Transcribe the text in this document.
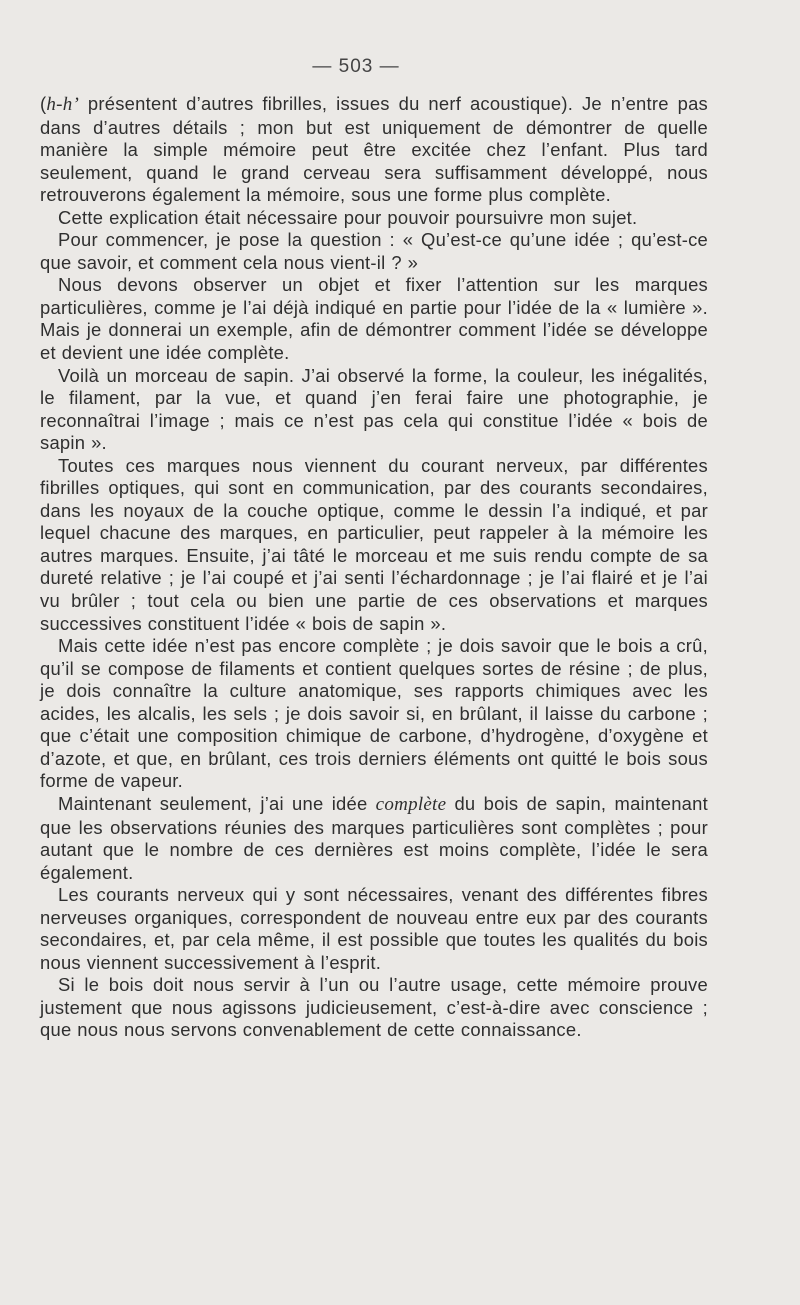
— 503 —

(h-h’ présentent d’autres fibrilles, issues du nerf acoustique). Je n’entre pas dans d’autres détails ; mon but est uniquement de démontrer de quelle manière la simple mémoire peut être excitée chez l’enfant. Plus tard seulement, quand le grand cerveau sera suffisamment développé, nous retrouverons également la mémoire, sous une forme plus complète.

Cette explication était nécessaire pour pouvoir poursuivre mon sujet.

Pour commencer, je pose la question : « Qu’est-ce qu’une idée ; qu’est-ce que savoir, et comment cela nous vient-il ? »

Nous devons observer un objet et fixer l’attention sur les marques particulières, comme je l’ai déjà indiqué en partie pour l’idée de la « lumière ». Mais je donnerai un exemple, afin de démontrer comment l’idée se développe et devient une idée complète.

Voilà un morceau de sapin. J’ai observé la forme, la couleur, les inégalités, le filament, par la vue, et quand j’en ferai faire une photographie, je reconnaîtrai l’image ; mais ce n’est pas cela qui constitue l’idée « bois de sapin ».

Toutes ces marques nous viennent du courant nerveux, par différentes fibrilles optiques, qui sont en communication, par des courants secondaires, dans les noyaux de la couche optique, comme le dessin l’a indiqué, et par lequel chacune des marques, en particulier, peut rappeler à la mémoire les autres marques. Ensuite, j’ai tâté le morceau et me suis rendu compte de sa dureté relative ; je l’ai coupé et j’ai senti l’échardonnage ; je l’ai flairé et je l’ai vu brûler ; tout cela ou bien une partie de ces observations et marques successives constituent l’idée « bois de sapin ».

Mais cette idée n’est pas encore complète ; je dois savoir que le bois a crû, qu’il se compose de filaments et contient quelques sortes de résine ; de plus, je dois connaître la culture anatomique, ses rapports chimiques avec les acides, les alcalis, les sels ; je dois savoir si, en brûlant, il laisse du carbone ; que c’était une composition chimique de carbone, d’hydrogène, d’oxygène et d’azote, et que, en brûlant, ces trois derniers éléments ont quitté le bois sous forme de vapeur.

Maintenant seulement, j’ai une idée complète du bois de sapin, maintenant que les observations réunies des marques particulières sont complètes ; pour autant que le nombre de ces dernières est moins complète, l’idée le sera également.

Les courants nerveux qui y sont nécessaires, venant des différentes fibres nerveuses organiques, correspondent de nouveau entre eux par des courants secondaires, et, par cela même, il est possible que toutes les qualités du bois nous viennent successivement à l’esprit.

Si le bois doit nous servir à l’un ou l’autre usage, cette mémoire prouve justement que nous agissons judicieusement, c’est-à-dire avec conscience ; que nous nous servons convenablement de cette connaissance.
